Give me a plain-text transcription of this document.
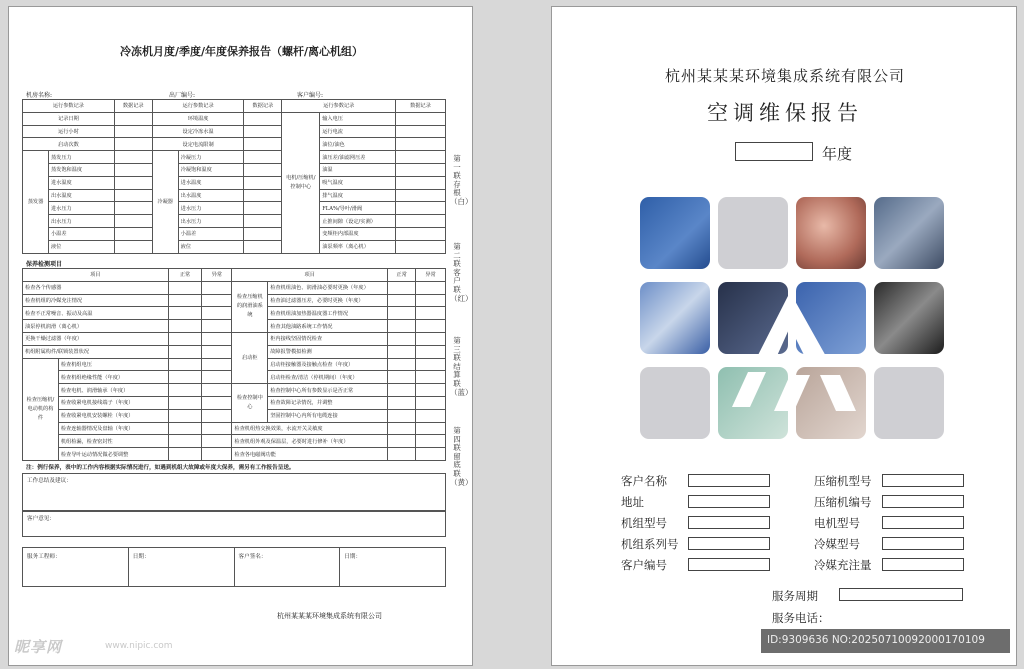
冷冻机月度/季度/年度保养报告（螺杆/离心机组）
机房名称:	出厂编号:	客户编号:
运行参数记录		数据记录	运行参数记录		数据记录	运行参数记录		数据记录
记录日期			环境温度			电机/压缩机/控制中心	输入电压	
运行小时			设定冷冻水温				运行电流	
启动次数			设定电流限制				油位/油色	
蒸发器	蒸发压力		冷凝器	冷凝压力			油压差/油滤网压差	
	蒸发饱和温度			冷凝饱和温度			油温	
	进水温度			进水温度			吸气温度	
	出水温度			出水温度			排气温度	
	进水压力			进水压力			FLA%/导叶/滑阀	
	出水压力			出水压力			止推间隙（设定/实测）	
	小温差			小温差			变频柜内部温度	
	液位			液位			油泵频率（离心机）	
保养检测项目
项目		正常	异常	项目		正常	异常
检查各个传感器				检查压缩机的润滑油系统	检查机组油色、润滑油必要时更换（年度）		
检查机组的冷媒充注情况					检查油过滤器压差，必要时更换（年度）		
检查不正常噪音、振动及高温					检查机组油加热器温度器工作情况		
油泵停机润滑（离心机）					检查其他油路系统工作情况		
更换干燥过滤器（年度）				启动柜	柜内接线坚固情况检查		
机组附属构件/联锁装置状况					故障报警模拟检测		
检查压缩机/电动机的构件	检查机组电压				启动柜接触器及接触点检查（年度）		
	检查机组绝缘性能（年度）				启动柜检查/清洁（停机期间）（年度）		
	检查电机、润滑轴承（年度）			检查控制中心	检查控制中心所有参数显示是否正常		
	检查收紧电机接线端子（年度）				检查故障记录情况，并调整		
	检查收紧电机安装螺栓（年度）				坚固控制中心内所有电缆连接		
	检查连轴器情况及盘轴（年度）			检查机组热交换效果，水流开关灵敏度			
	机组检漏，检查密封性			检查机组外观及保温层，必要时进行修补（年度）			
	检查导叶运动情况做必要调整			检查各电磁阀功能			
注：例行保养，表中的工作内容根据实际情况进行，如遇到机组大故障或年度大保养，需另有工作报告呈送。
工作总结及建议：
客户意见：
服务工程师：	日期：	客户签名：	日期：
杭州某某某环境集成系统有限公司
第一联存根（白）
第二联客户联（红）
第三联结算联（蓝）
第四联留底联（黄）
昵享网	www.nipic.com
杭州某某某环境集成系统有限公司
空调维保报告
年度
客户名称
地址
机组型号
机组系列号
客户编号
压缩机型号
压缩机编号
电机型号
冷媒型号
冷媒充注量
服务周期
服务电话：
ID:9309636 NO:20250710092000170109
